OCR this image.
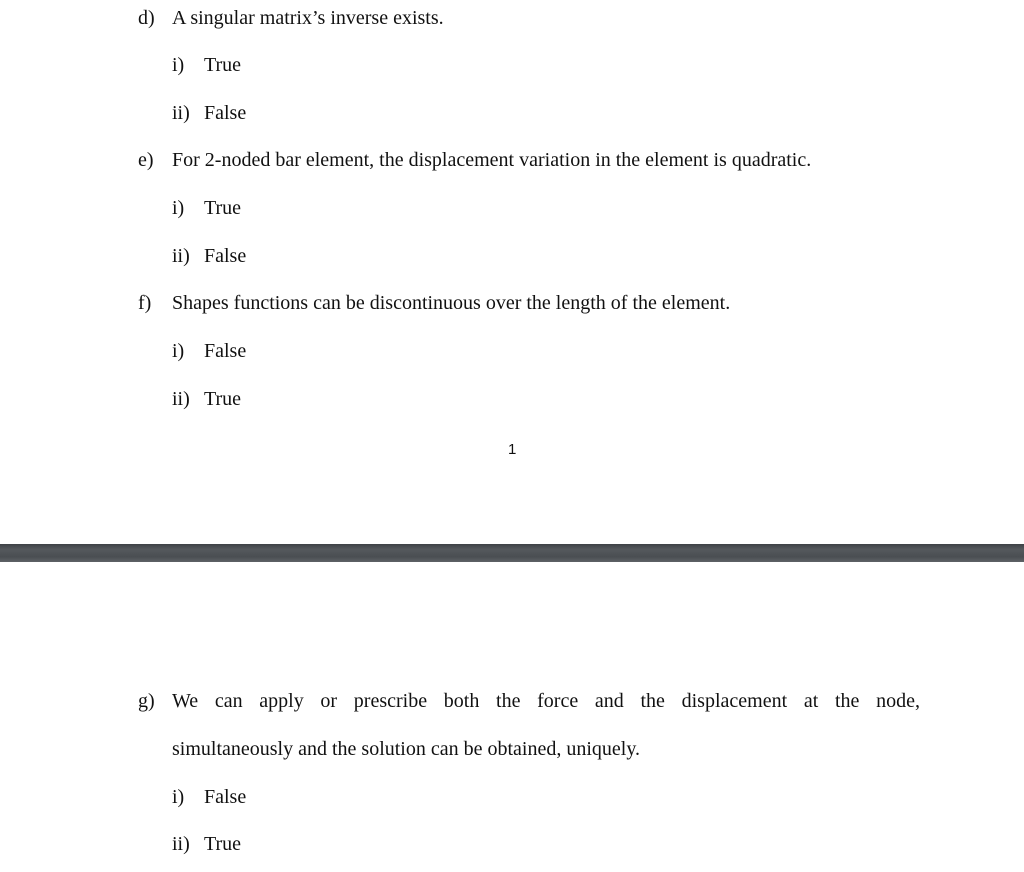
d) A singular matrix’s inverse exists.
i) True
ii) False
e) For 2-noded bar element, the displacement variation in the element is quadratic.
i) True
ii) False
f) Shapes functions can be discontinuous over the length of the element.
i) False
ii) True
1
g) We can apply or prescribe both the force and the displacement at the node,
simultaneously and the solution can be obtained, uniquely.
i) False
ii) True
